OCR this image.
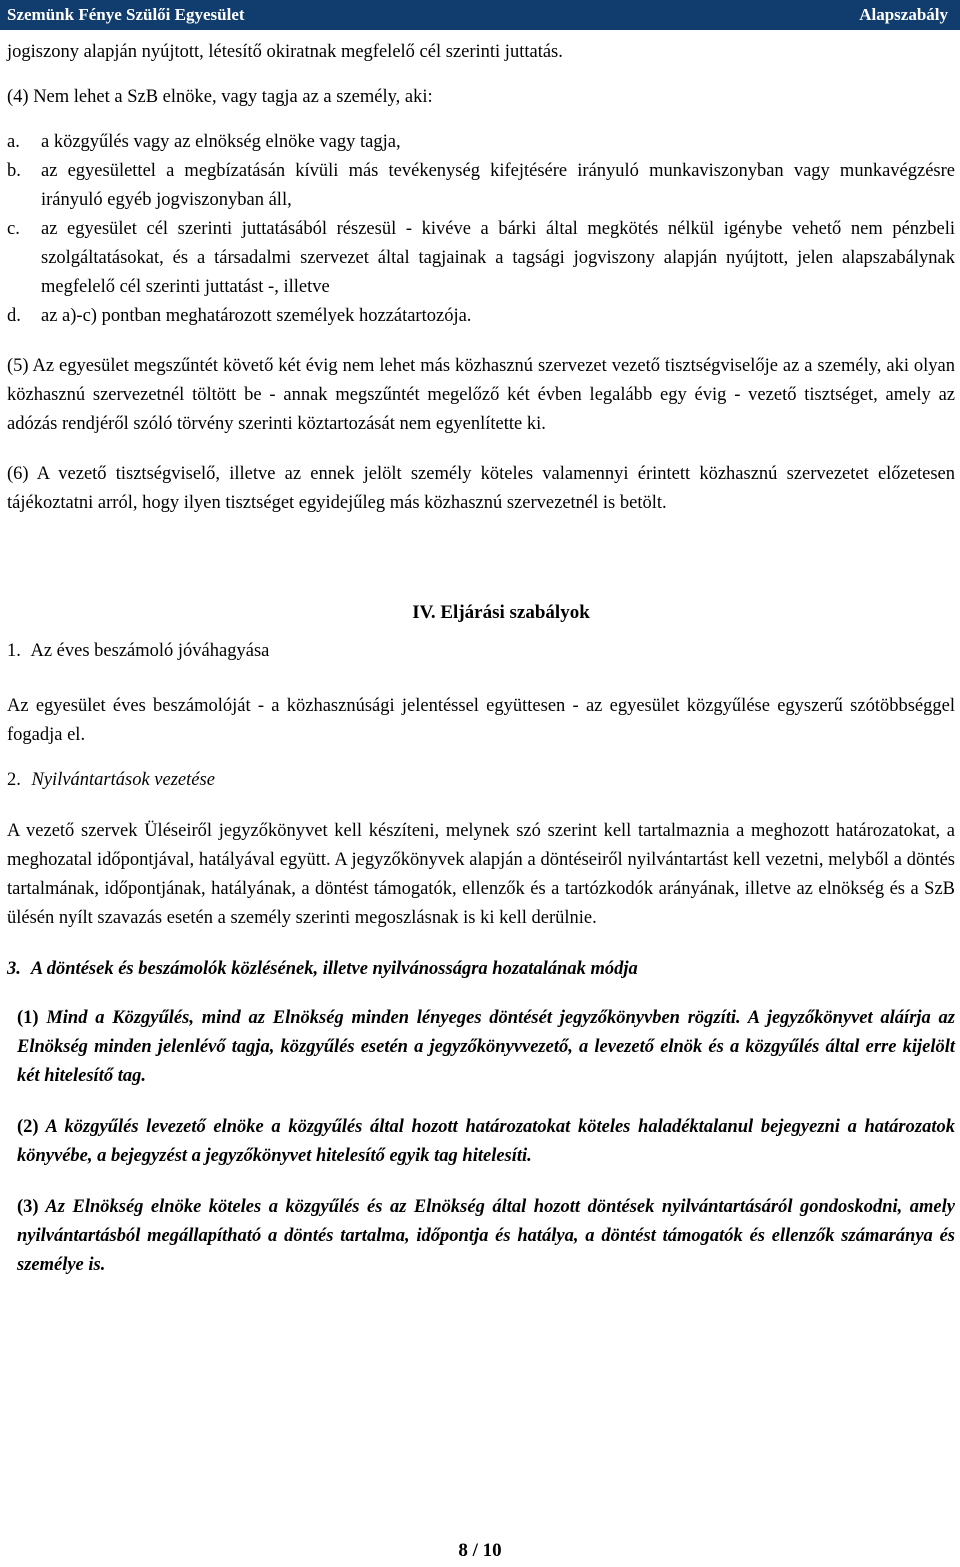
Szemünk Fénye Szülői Egyesület	Alapszabály

jogiszony alapján nyújtott, létesítő okiratnak megfelelő cél szerinti juttatás.

(4) Nem lehet a SzB elnöke, vagy tagja az a személy, aki:

a. a közgyűlés vagy az elnökség elnöke vagy tagja,
b. az egyesülettel a megbízatásán kívüli más tevékenység kifejtésére irányuló munkaviszonyban vagy munkavégzésre irányuló egyéb jogviszonyban áll,
c. az egyesület cél szerinti juttatásából részesül - kivéve a bárki által megkötés nélkül igénybe vehető nem pénzbeli szolgáltatásokat, és a társadalmi szervezet által tagjainak a tagsági jogviszony alapján nyújtott, jelen alapszabálynak megfelelő cél szerinti juttatást -, illetve
d. az a)-c) pontban meghatározott személyek hozzátartozója.

(5) Az egyesület megszűntét követő két évig nem lehet más közhasznú szervezet vezető tisztségviselője az a személy, aki olyan közhasznú szervezetnél töltött be - annak megszűntét megelőző két évben legalább egy évig - vezető tisztséget, amely az adózás rendjéről szóló törvény szerinti köztartozását nem egyenlítette ki.

(6) A vezető tisztségviselő, illetve az ennek jelölt személy köteles valamennyi érintett közhasznú szervezetet előzetesen tájékoztatni arról, hogy ilyen tisztséget egyidejűleg más közhasznú szervezetnél is betölt.

IV. Eljárási szabályok
1. Az éves beszámoló jóváhagyása

Az egyesület éves beszámolóját - a közhasznúsági jelentéssel együttesen - az egyesület közgyűlése egyszerű szótöbbséggel fogadja el.

2. Nyilvántartások vezetése

A vezető szervek Üléseiről jegyzőkönyvet kell készíteni, melynek szó szerint kell tartalmaznia a meghozott határozatokat, a meghozatal időpontjával, hatályával együtt. A jegyzőkönyvek alapján a döntéseiről nyilvántartást kell vezetni, melyből a döntés tartalmának, időpontjának, hatályának, a döntést támogatók, ellenzők és a tartózkodók arányának, illetve az elnökség és a SzB ülésén nyílt szavazás esetén a személy szerinti megoszlásnak is ki kell derülnie.

3. A döntések és beszámolók közlésének, illetve nyilvánosságra hozatalának módja

(1) Mind a Közgyűlés, mind az Elnökség minden lényeges döntését jegyzőkönyvben rögzíti. A jegyzőkönyvet aláírja az Elnökség minden jelenlévő tagja, közgyűlés esetén a jegyzőkönyvvezető, a levezető elnök és a közgyűlés által erre kijelölt két hitelesítő tag.

(2) A közgyűlés levezető elnöke a közgyűlés által hozott határozatokat köteles haladéktalanul bejegyezni a határozatok könyvébe, a bejegyzést a jegyzőkönyvet hitelesítő egyik tag hitelesíti.

(3) Az Elnökség elnöke köteles a közgyűlés és az Elnökség által hozott döntések nyilvántartásáról gondoskodni, amely nyilvántartásból megállapítható a döntés tartalma, időpontja és hatálya, a döntést támogatók és ellenzők számaránya és személye is.

8 / 10
